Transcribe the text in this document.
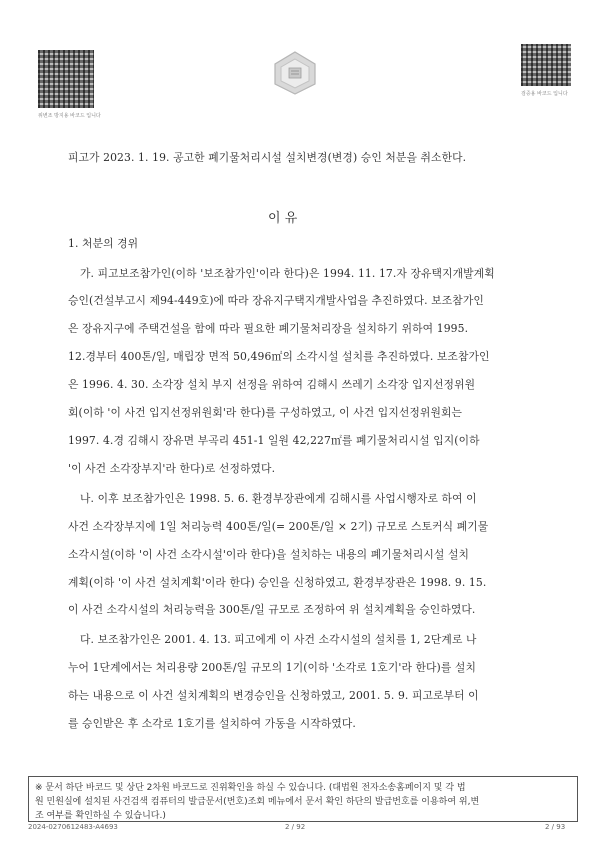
위변조 방지용 바코드 입니다
검증용 바코드 입니다
피고가 2023. 1. 19. 공고한 폐기물처리시설 설치변경(변경) 승인 처분을 취소한다.
이 유
1. 처분의 경위
가. 피고보조참가인(이하 '보조참가인'이라 한다)은 1994. 11. 17.자 장유택지개발계획
승인(건설부고시 제94-449호)에 따라 장유지구택지개발사업을 추진하였다. 보조참가인
은 장유지구에 주택건설을 함에 따라 필요한 폐기물처리장을 설치하기 위하여 1995.
12.경부터 400톤/일, 매립장 면적 50,496㎡의 소각시설 설치를 추진하였다. 보조참가인
은 1996. 4. 30. 소각장 설치 부지 선정을 위하여 김해시 쓰레기 소각장 입지선정위원
회(이하 '이 사건 입지선정위원회'라 한다)를 구성하였고, 이 사건 입지선정위원회는
1997. 4.경 김해시 장유면 부곡리 451-1 일원 42,227㎡를 폐기물처리시설 입지(이하
'이 사건 소각장부지'라 한다)로 선정하였다.
나. 이후 보조참가인은 1998. 5. 6. 환경부장관에게 김해시를 사업시행자로 하여 이
사건 소각장부지에 1일 처리능력 400톤/일(= 200톤/일 × 2기) 규모로 스토커식 폐기물
소각시설(이하 '이 사건 소각시설'이라 한다)을 설치하는 내용의 폐기물처리시설 설치
계획(이하 '이 사건 설치계획'이라 한다) 승인을 신청하였고, 환경부장관은 1998. 9. 15.
이 사건 소각시설의 처리능력을 300톤/일 규모로 조정하여 위 설치계획을 승인하였다.
다. 보조참가인은 2001. 4. 13. 피고에게 이 사건 소각시설의 설치를 1, 2단계로 나
누어 1단계에서는 처리용량 200톤/일 규모의 1기(이하 '소각로 1호기'라 한다)를 설치
하는 내용으로 이 사건 설치계획의 변경승인을 신청하였고, 2001. 5. 9. 피고로부터 이
를 승인받은 후 소각로 1호기를 설치하여 가동을 시작하였다.
※ 문서 하단 바코드 및 상단 2차원 바코드로 진위확인을 하실 수 있습니다. (대법원 전자소송홈페이지 및 각 법
원 민원실에 설치된 사건검색 컴퓨터의 발급문서(번호)조회 메뉴에서 문서 확인 하단의 발급번호를 이용하여 위,변
조 여부를 확인하실 수 있습니다.)
2024-0270612483-A4693	2 / 92	2 / 93
